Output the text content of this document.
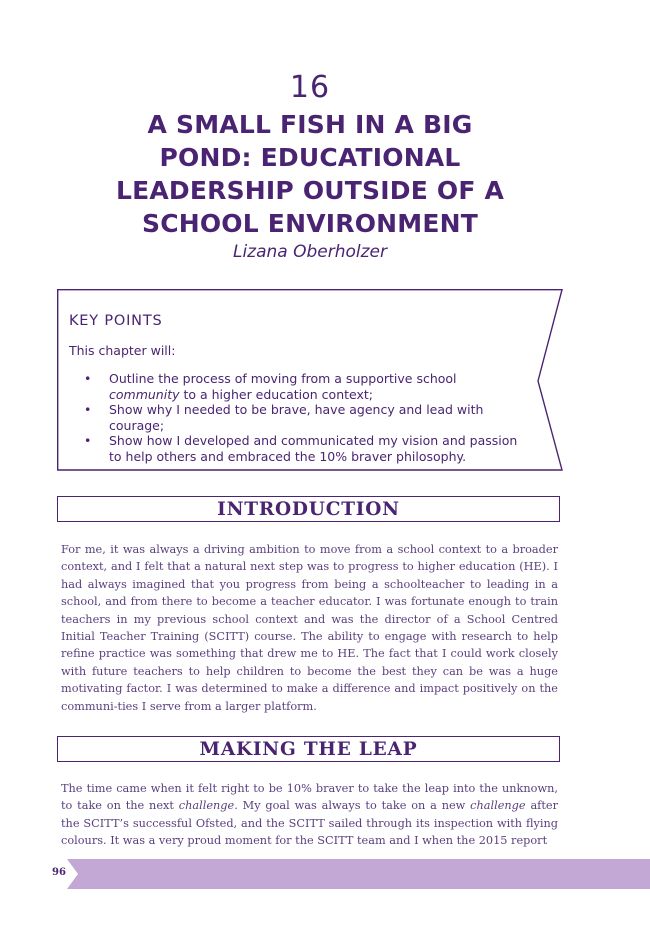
16
A SMALL FISH IN A BIG POND: EDUCATIONAL LEADERSHIP OUTSIDE OF A SCHOOL ENVIRONMENT
Lizana Oberholzer
KEY POINTS
This chapter will:
• Outline the process of moving from a supportive school community to a higher education context;
• Show why I needed to be brave, have agency and lead with courage;
• Show how I developed and communicated my vision and passion to help others and embraced the 10% braver philosophy.
INTRODUCTION

For me, it was always a driving ambition to move from a school context to a broader context, and I felt that a natural next step was to progress to higher education (HE). I had always imagined that you progress from being a schoolteacher to leading in a school, and from there to become a teacher educator. I was fortunate enough to train teachers in my previous school context and was the director of a School Centred Initial Teacher Training (SCITT) course. The ability to engage with research to help refine practice was something that drew me to HE. The fact that I could work closely with future teachers to help children to become the best they can be was a huge motivating factor. I was determined to make a difference and impact positively on the communi-ties I serve from a larger platform.

MAKING THE LEAP

The time came when it felt right to be 10% braver to take the leap into the unknown, to take on the next challenge. My goal was always to take on a new challenge after the SCITT’s successful Ofsted, and the SCITT sailed through its inspection with flying colours. It was a very proud moment for the SCITT team and I when the 2015 report

96
